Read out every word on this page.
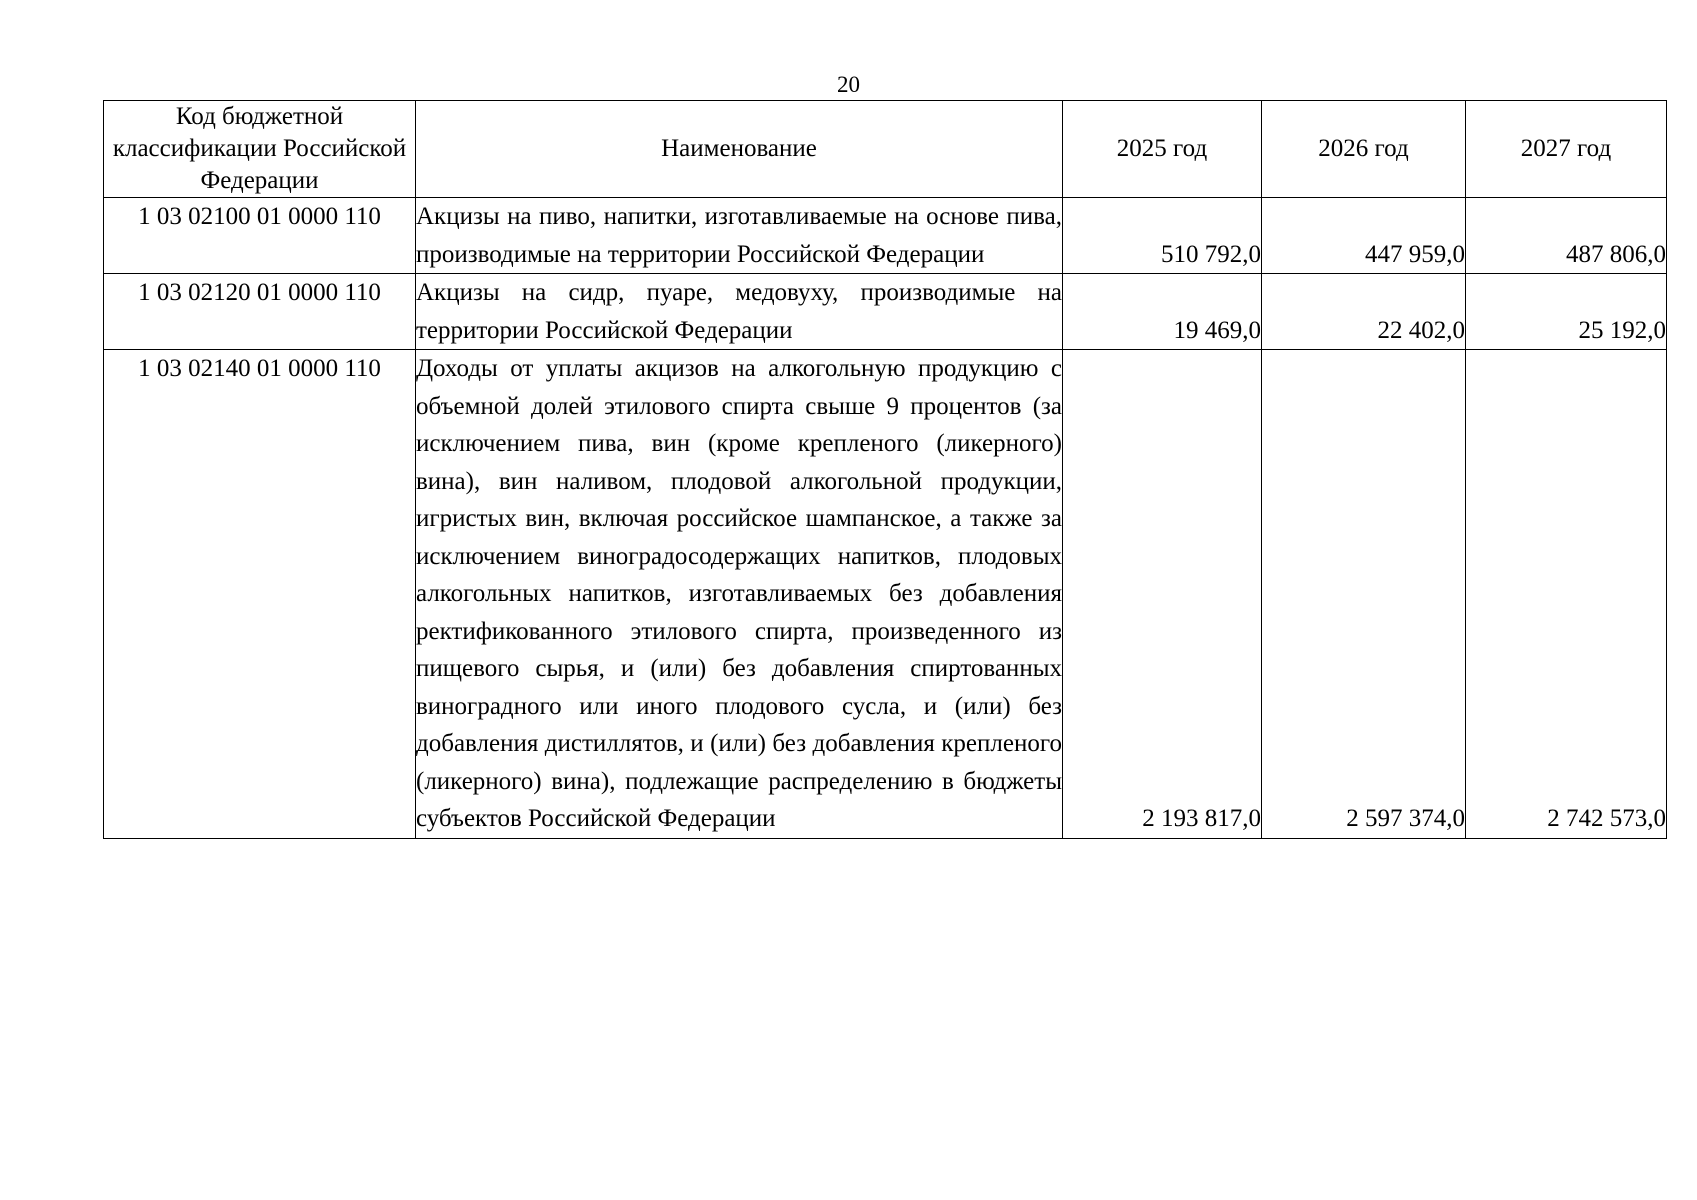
20
Код бюджетной классификации Российской Федерации	Наименование	2025 год	2026 год	2027 год
1 03 02100 01 0000 110	Акцизы на пиво, напитки, изготавливаемые на основе пива, производимые на территории Российской Федерации	510 792,0	447 959,0	487 806,0
1 03 02120 01 0000 110	Акцизы на сидр, пуаре, медовуху, производимые на территории Российской Федерации	19 469,0	22 402,0	25 192,0
1 03 02140 01 0000 110	Доходы от уплаты акцизов на алкогольную продукцию с объемной долей этилового спирта свыше 9 процентов (за исключением пива, вин (кроме крепленого (ликерного) вина), вин наливом, плодовой алкогольной продукции, игристых вин, включая российское шампанское, а также за исключением виноградосодержащих напитков, плодовых алкогольных напитков, изготавливаемых без добавления ректификованного этилового спирта, произведенного из пищевого сырья, и (или) без добавления спиртованных виноградного или иного плодового сусла, и (или) без добавления дистиллятов, и (или) без добавления крепленого (ликерного) вина), подлежащие распределению в бюджеты субъектов Российской Федерации	2 193 817,0	2 597 374,0	2 742 573,0
